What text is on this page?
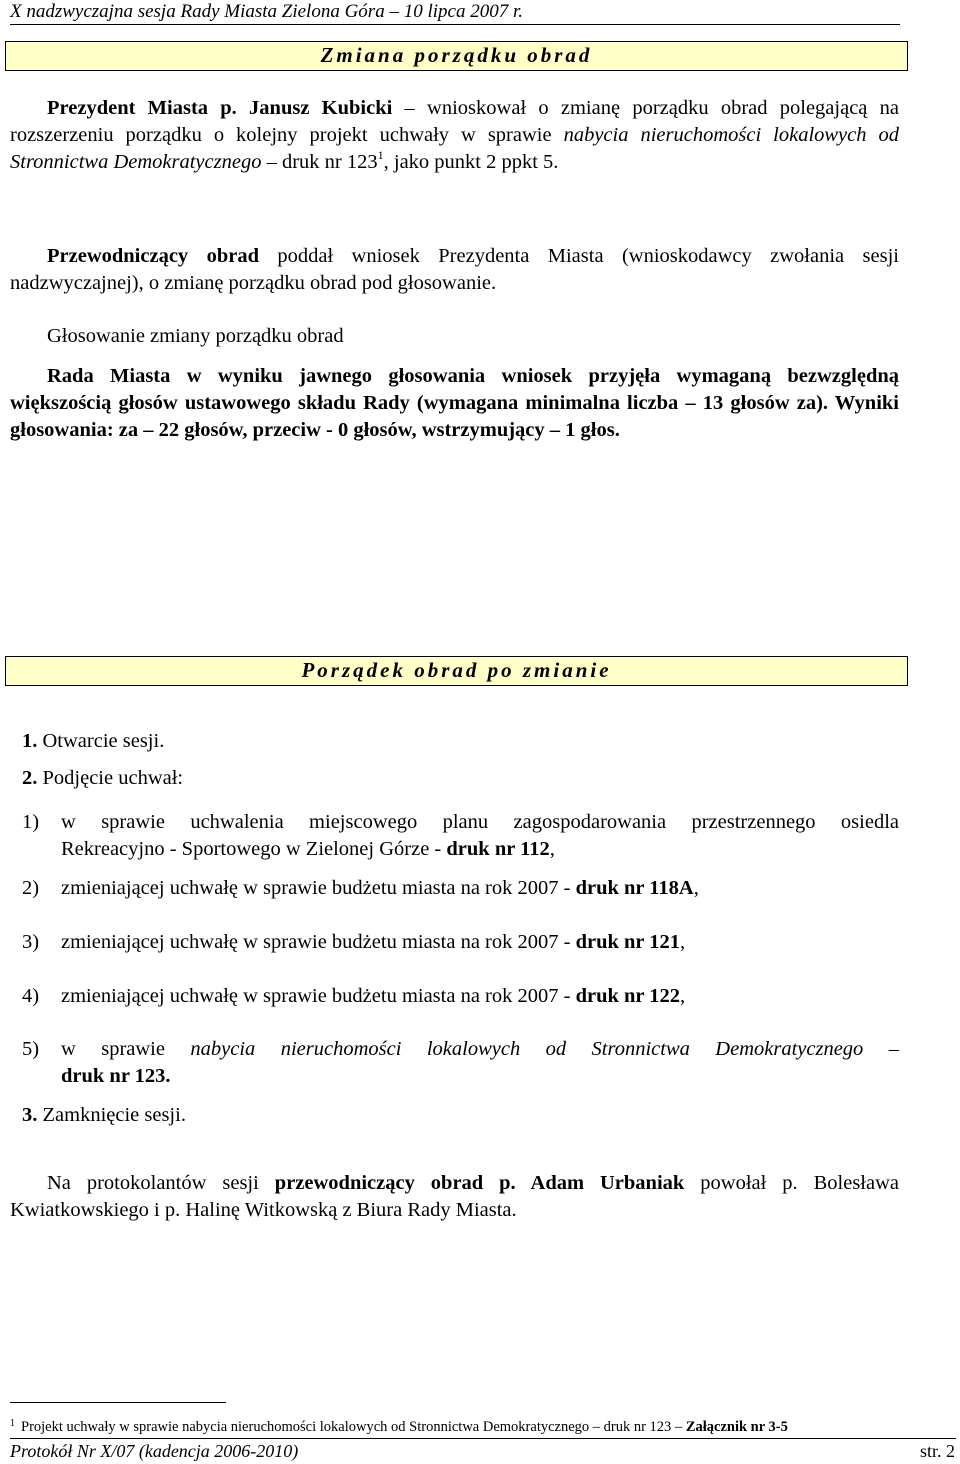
X nadzwyczajna sesja Rady Miasta Zielona Góra – 10 lipca 2007 r.
Zmiana porządku obrad
Prezydent Miasta p. Janusz Kubicki – wnioskował o zmianę porządku obrad polegającą na rozszerzeniu porządku o kolejny projekt uchwały w sprawie nabycia nieruchomości lokalowych od Stronnictwa Demokratycznego – druk nr $123^1$, jako punkt 2 ppkt 5.
Przewodniczący obrad poddał wniosek Prezydenta Miasta (wnioskodawcy zwołania sesji nadzwyczajnej), o zmianę porządku obrad pod głosowanie.
Głosowanie zmiany porządku obrad
Rada Miasta w wyniku jawnego głosowania wniosek przyjęła wymaganą bezwzględną większością głosów ustawowego składu Rady (wymagana minimalna liczba – 13 głosów za). Wyniki głosowania: za – 22 głosów, przeciw - 0 głosów, wstrzymujący – 1 głos.
Porządek obrad po zmianie
1. Otwarcie sesji.
2. Podjęcie uchwał:
1) w sprawie uchwalenia miejscowego planu zagospodarowania przestrzennego osiedla
Rekreacyjno - Sportowego w Zielonej Górze - druk nr 112,
2) zmieniającej uchwałę w sprawie budżetu miasta na rok 2007 - druk nr 118A,
3) zmieniającej uchwałę w sprawie budżetu miasta na rok 2007 - druk nr 121,
4) zmieniającej uchwałę w sprawie budżetu miasta na rok 2007 - druk nr 122,
5) w sprawie nabycia nieruchomości lokalowych od Stronnictwa Demokratycznego –
druk nr 123.
3. Zamknięcie sesji.
Na protokolantów sesji przewodniczący obrad p. Adam Urbaniak powołał p. Bolesława Kwiatkowskiego i p. Halinę Witkowską z Biura Rady Miasta.
$^1$ Projekt uchwały w sprawie nabycia nieruchomości lokalowych od Stronnictwa Demokratycznego – druk nr 123 – Załącznik nr 3-5
Protokół Nr X/07 (kadencja 2006-2010)	str. 2
